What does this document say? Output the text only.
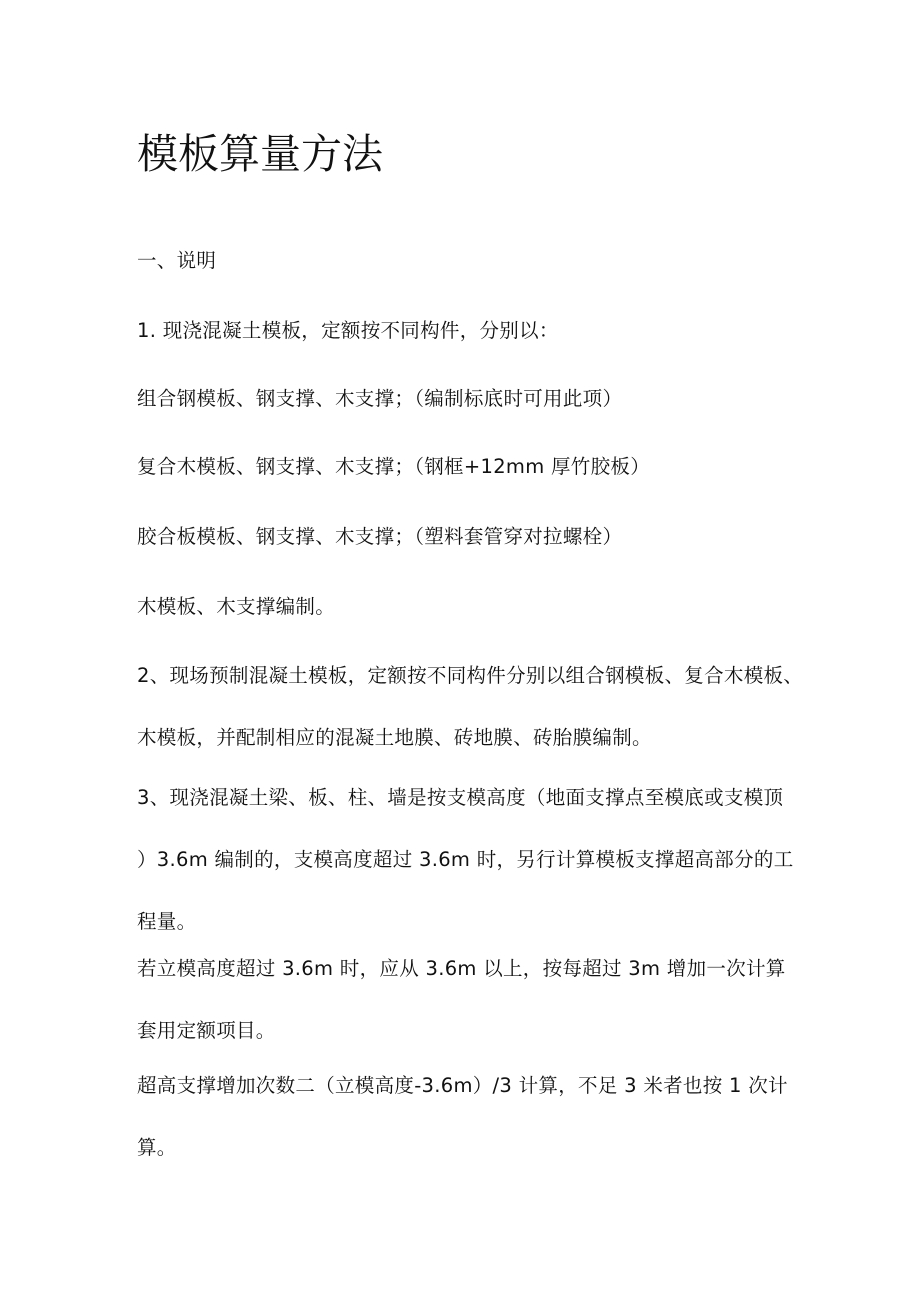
模板算量方法

一、说明

1. 现浇混凝土模板，定额按不同构件，分别以：

组合钢模板、钢支撑、木支撑；（编制标底时可用此项）

复合木模板、钢支撑、木支撑；（钢框+12mm 厚竹胶板）

胶合板模板、钢支撑、木支撑；（塑料套管穿对拉螺栓）

木模板、木支撑编制。

2、现场预制混凝土模板，定额按不同构件分别以组合钢模板、复合木模板、
木模板，并配制相应的混凝土地膜、砖地膜、砖胎膜编制。

3、现浇混凝土梁、板、柱、墙是按支模高度（地面支撑点至模底或支模顶
）3.6m 编制的，支模高度超过 3.6m 时，另行计算模板支撑超高部分的工
程量。

若立模高度超过 3.6m 时，应从 3.6m 以上，按每超过 3m 增加一次计算
套用定额项目。

超高支撑增加次数二（立模高度-3.6m）/3 计算，不足 3 米者也按 1 次计
算。
